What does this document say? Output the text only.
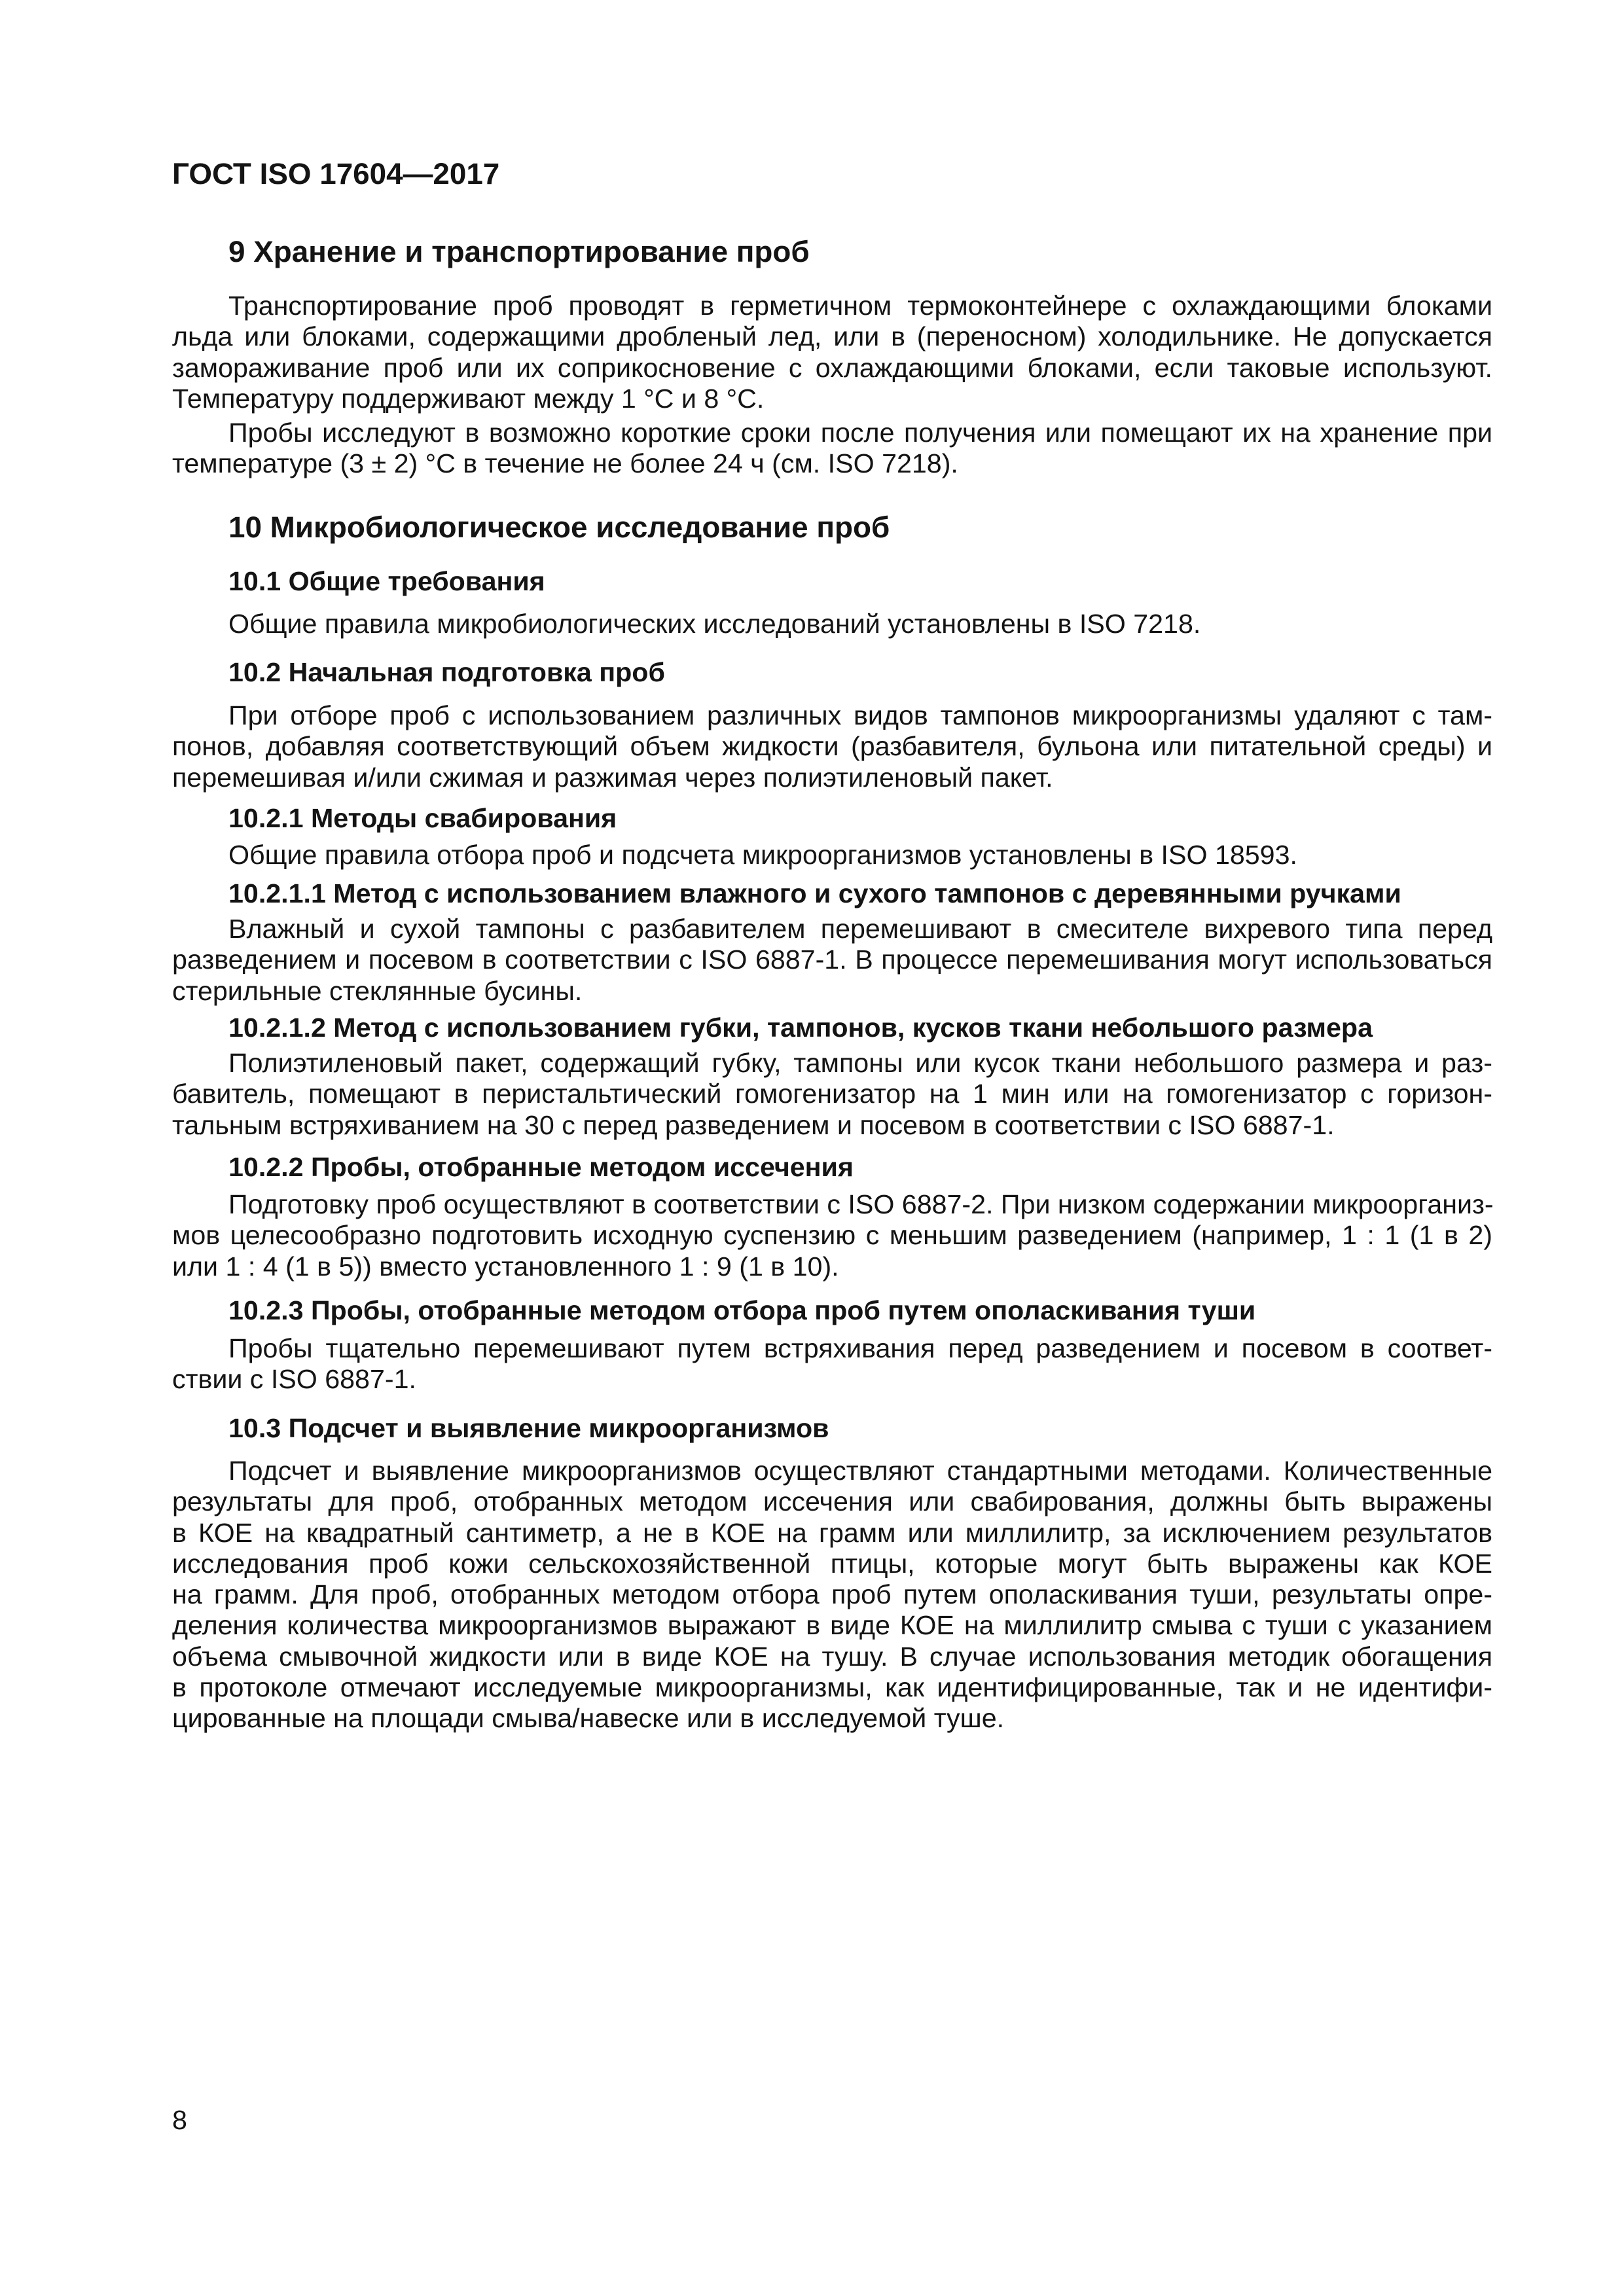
ГОСТ ISO 17604—2017
9 Хранение и транспортирование проб
Транспортирование проб проводят в герметичном термоконтейнере с охлаждающими блоками
льда или блоками, содержащими дробленый лед, или в (переносном) холодильнике. Не допускается
замораживание проб или их соприкосновение с охлаждающими блоками, если таковые используют.
Температуру поддерживают между 1 °С и 8 °С.
Пробы исследуют в возможно короткие сроки после получения или помещают их на хранение при
температуре (3 ± 2) °С в течение не более 24 ч (см. ISO 7218).
10 Микробиологическое исследование проб
10.1 Общие требования
Общие правила микробиологических исследований установлены в ISO 7218.
10.2 Начальная подготовка проб
При отборе проб с использованием различных видов тампонов микроорганизмы удаляют с там-
понов, добавляя соответствующий объем жидкости (разбавителя, бульона или питательной среды) и
перемешивая и/или сжимая и разжимая через полиэтиленовый пакет.
10.2.1 Методы свабирования
Общие правила отбора проб и подсчета микроорганизмов установлены в ISO 18593.
10.2.1.1 Метод с использованием влажного и сухого тампонов с деревянными ручками
Влажный и сухой тампоны с разбавителем перемешивают в смесителе вихревого типа перед
разведением и посевом в соответствии с ISO 6887-1. В процессе перемешивания могут использоваться
стерильные стеклянные бусины.
10.2.1.2 Метод с использованием губки, тампонов, кусков ткани небольшого размера
Полиэтиленовый пакет, содержащий губку, тампоны или кусок ткани небольшого размера и раз-
бавитель, помещают в перистальтический гомогенизатор на 1 мин или на гомогенизатор с горизон-
тальным встряхиванием на 30 с перед разведением и посевом в соответствии с ISO 6887-1.
10.2.2 Пробы, отобранные методом иссечения
Подготовку проб осуществляют в соответствии с ISO 6887-2. При низком содержании микроорганиз-
мов целесообразно подготовить исходную суспензию с меньшим разведением (например, 1 : 1 (1 в 2)
или 1 : 4 (1 в 5)) вместо установленного 1 : 9 (1 в 10).
10.2.3 Пробы, отобранные методом отбора проб путем ополаскивания туши
Пробы тщательно перемешивают путем встряхивания перед разведением и посевом в соответ-
ствии с ISO 6887-1.
10.3 Подсчет и выявление микроорганизмов
Подсчет и выявление микроорганизмов осуществляют стандартными методами. Количественные
результаты для проб, отобранных методом иссечения или свабирования, должны быть выражены
в КОЕ на квадратный сантиметр, а не в КОЕ на грамм или миллилитр, за исключением результатов
исследования проб кожи сельскохозяйственной птицы, которые могут быть выражены как КОЕ
на грамм. Для проб, отобранных методом отбора проб путем ополаскивания туши, результаты опре-
деления количества микроорганизмов выражают в виде КОЕ на миллилитр смыва с туши с указанием
объема смывочной жидкости или в виде КОЕ на тушу. В случае использования методик обогащения
в протоколе отмечают исследуемые микроорганизмы, как идентифицированные, так и не идентифи-
цированные на площади смыва/навеске или в исследуемой туше.
8
